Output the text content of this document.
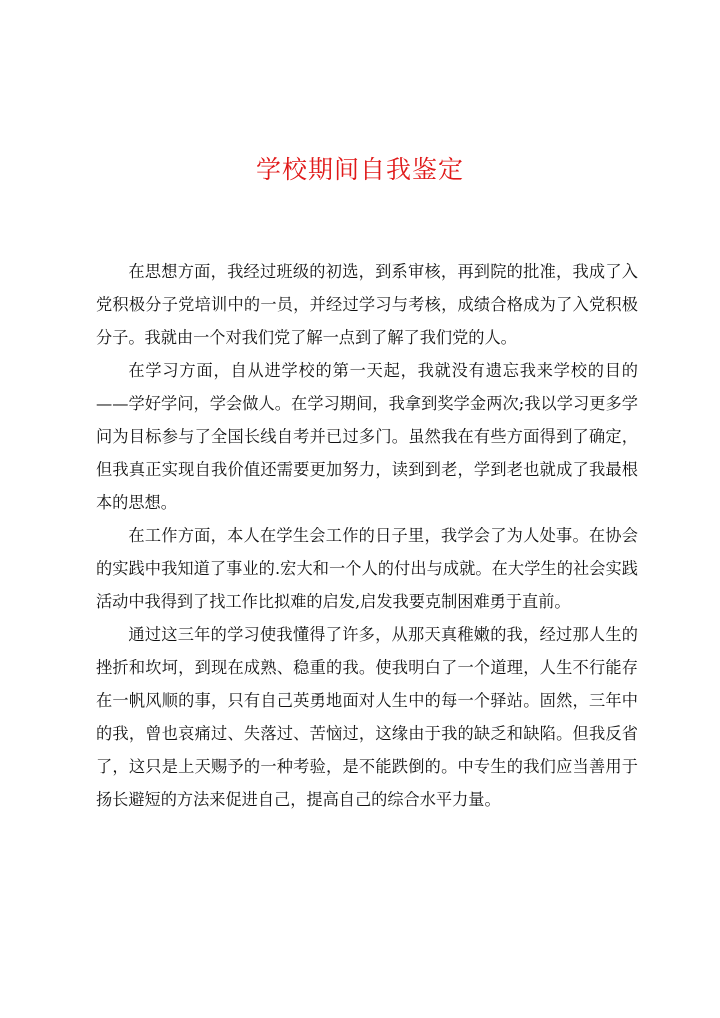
学校期间自我鉴定

在思想方面，我经过班级的初选，到系审核，再到院的批准，我成了入党积极分子党培训中的一员，并经过学习与考核，成绩合格成为了入党积极分子。我就由一个对我们党了解一点到了解了我们党的人。

在学习方面，自从进学校的第一天起，我就没有遗忘我来学校的目的——学好学问，学会做人。在学习期间，我拿到奖学金两次;我以学习更多学问为目标参与了全国长线自考并已过多门。虽然我在有些方面得到了确定，但我真正实现自我价值还需要更加努力，读到到老，学到老也就成了我最根本的思想。

在工作方面，本人在学生会工作的日子里，我学会了为人处事。在协会的实践中我知道了事业的.宏大和一个人的付出与成就。在大学生的社会实践活动中我得到了找工作比拟难的启发,启发我要克制困难勇于直前。

通过这三年的学习使我懂得了许多，从那天真稚嫩的我，经过那人生的挫折和坎坷，到现在成熟、稳重的我。使我明白了一个道理，人生不行能存在一帆风顺的事，只有自己英勇地面对人生中的每一个驿站。固然，三年中的我，曾也哀痛过、失落过、苦恼过，这缘由于我的缺乏和缺陷。但我反省了，这只是上天赐予的一种考验，是不能跌倒的。中专生的我们应当善用于扬长避短的方法来促进自己，提高自己的综合水平力量。
